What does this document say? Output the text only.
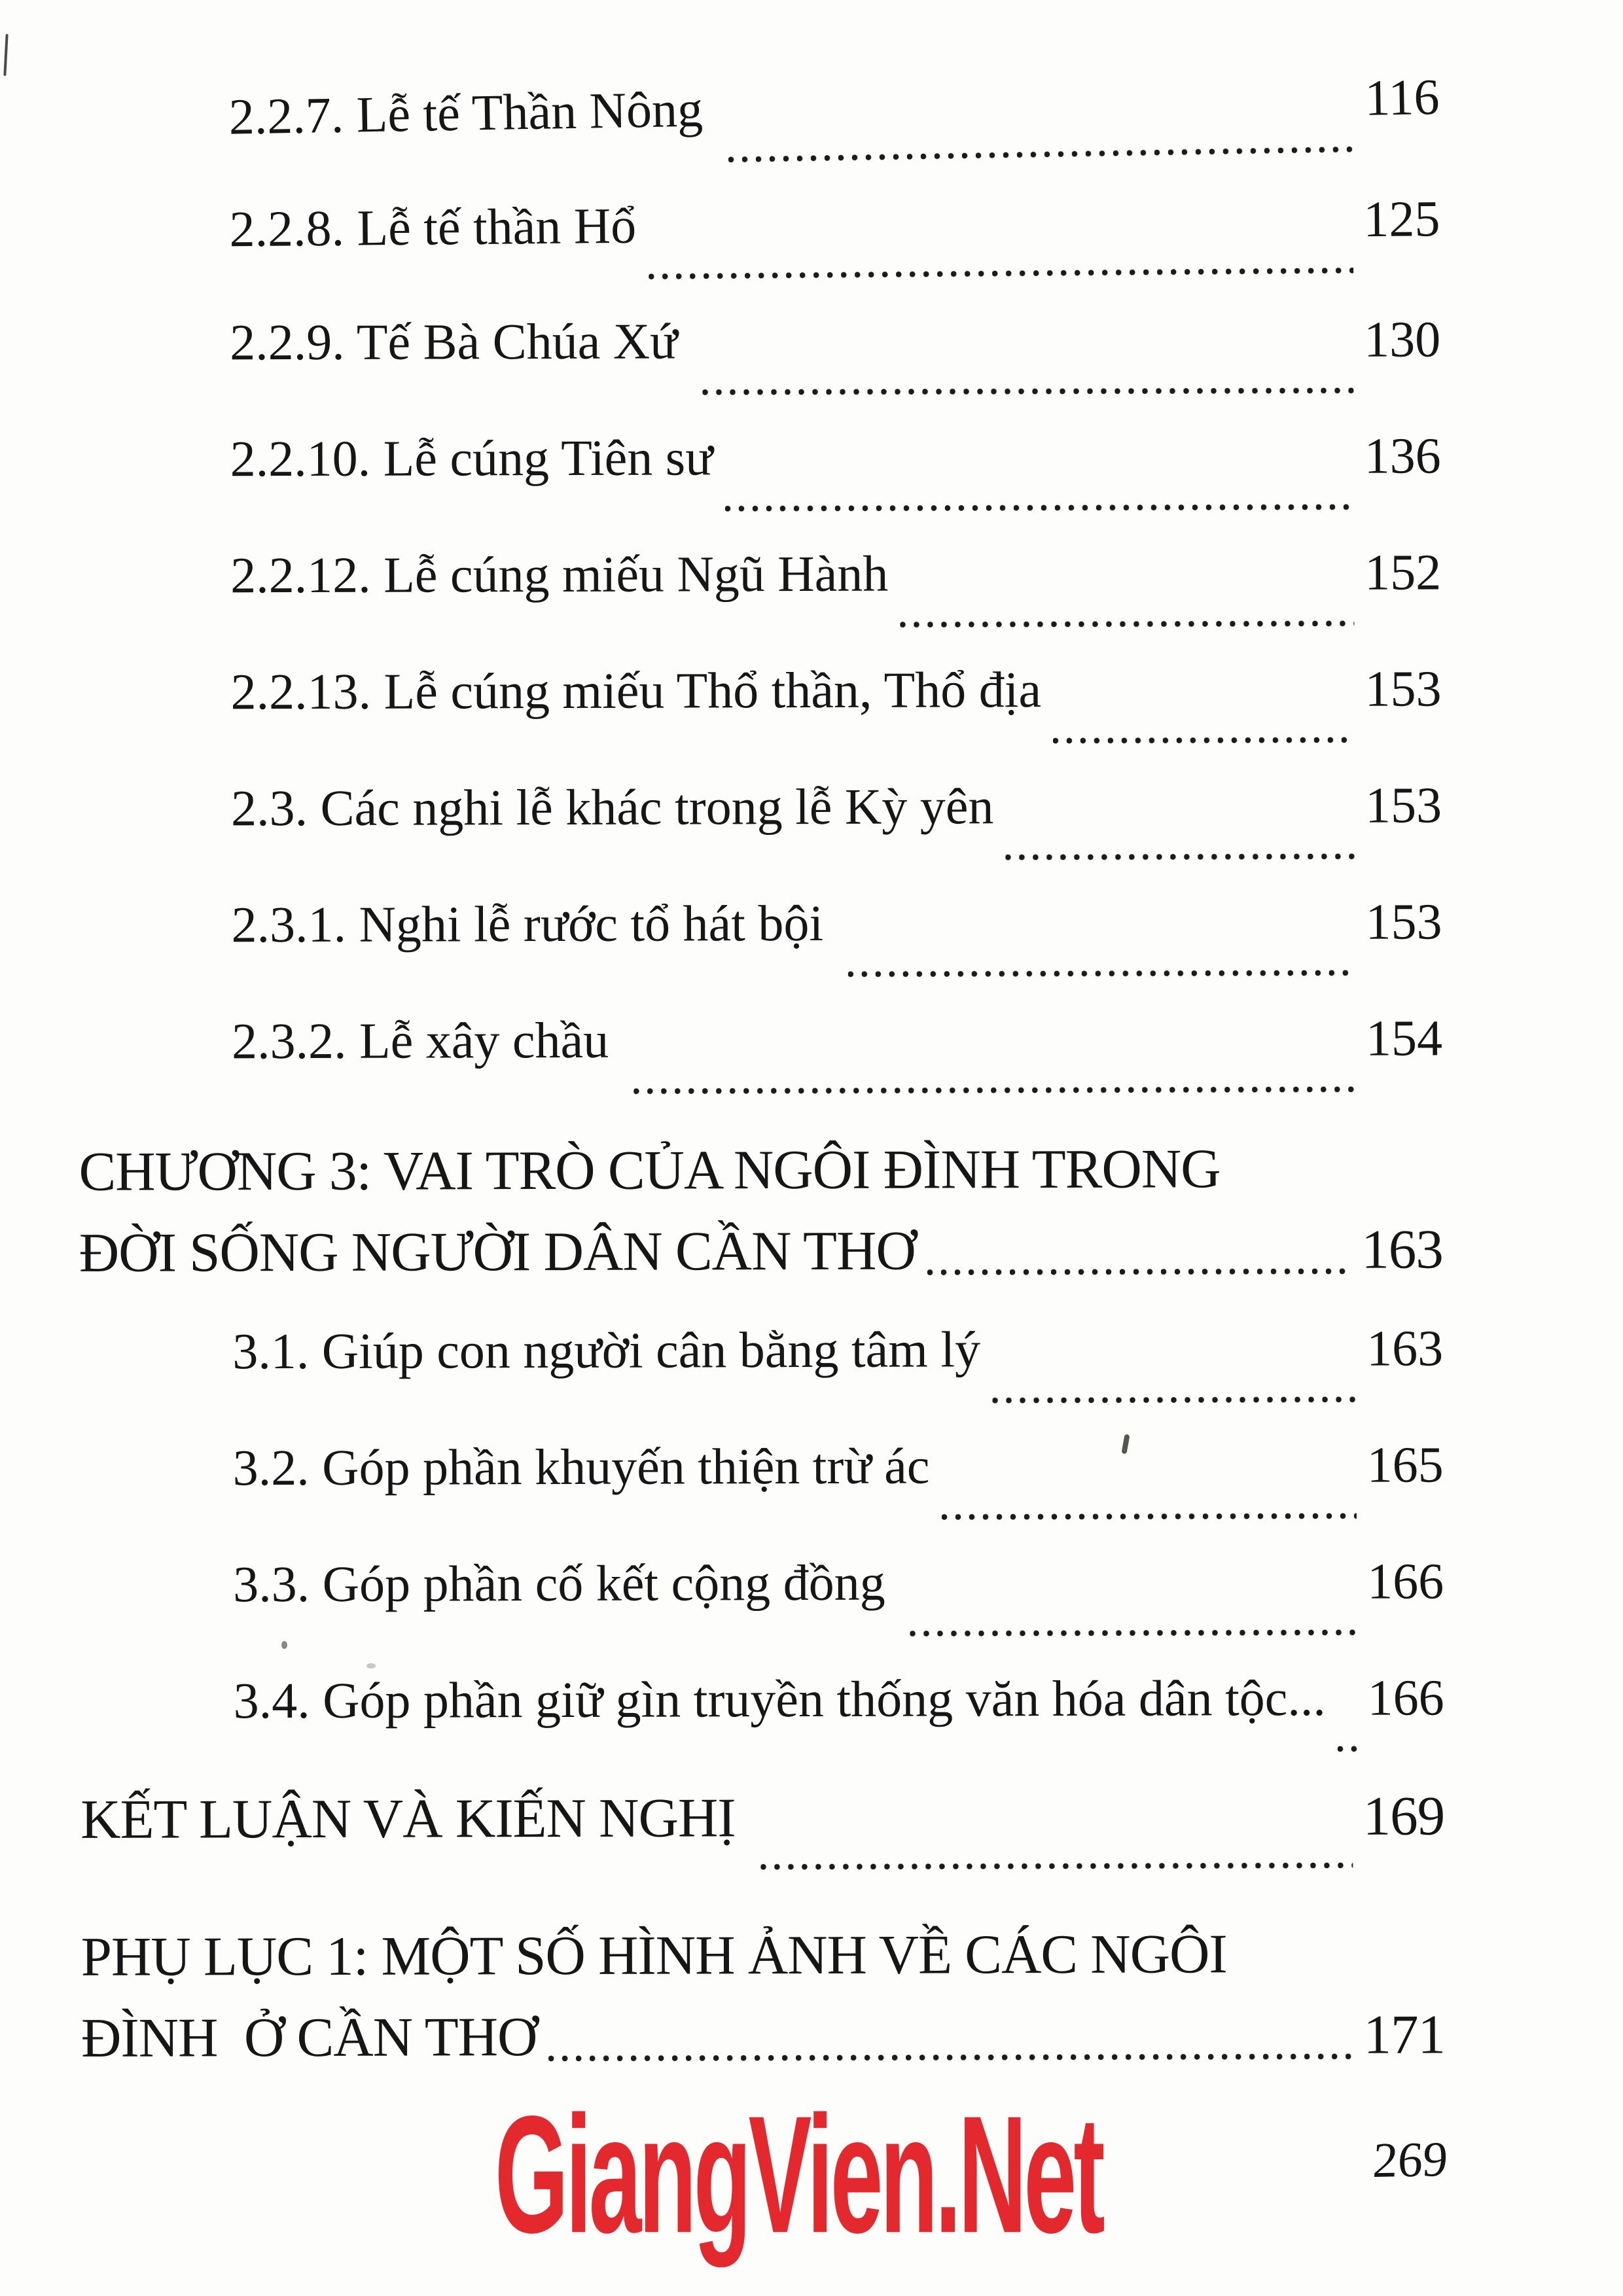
2.2.7. Lễ tế Thần Nông	116
2.2.8. Lễ tế thần Hổ	125
2.2.9. Tế Bà Chúa Xứ	130
2.2.10. Lễ cúng Tiên sư	136
2.2.12. Lễ cúng miếu Ngũ Hành	152
2.2.13. Lễ cúng miếu Thổ thần, Thổ địa	153
2.3. Các nghi lễ khác trong lễ Kỳ yên	153
2.3.1. Nghi lễ rước tổ hát bội	153
2.3.2. Lễ xây chầu	154
CHƯƠNG 3: VAI TRÒ CỦA NGÔI ĐÌNH TRONG
ĐỜI SỐNG NGƯỜI DÂN CẦN THƠ	163
3.1. Giúp con người cân bằng tâm lý	163
3.2. Góp phần khuyến thiện trừ ác	165
3.3. Góp phần cố kết cộng đồng	166
3.4. Góp phần giữ gìn truyền thống văn hóa dân tộc... 166
KẾT LUẬN VÀ KIẾN NGHỊ	169
PHỤ LỤC 1: MỘT SỐ HÌNH ẢNH VỀ CÁC NGÔI
ĐÌNH  Ở CẦN THƠ	171
GiangVien.Net	269
